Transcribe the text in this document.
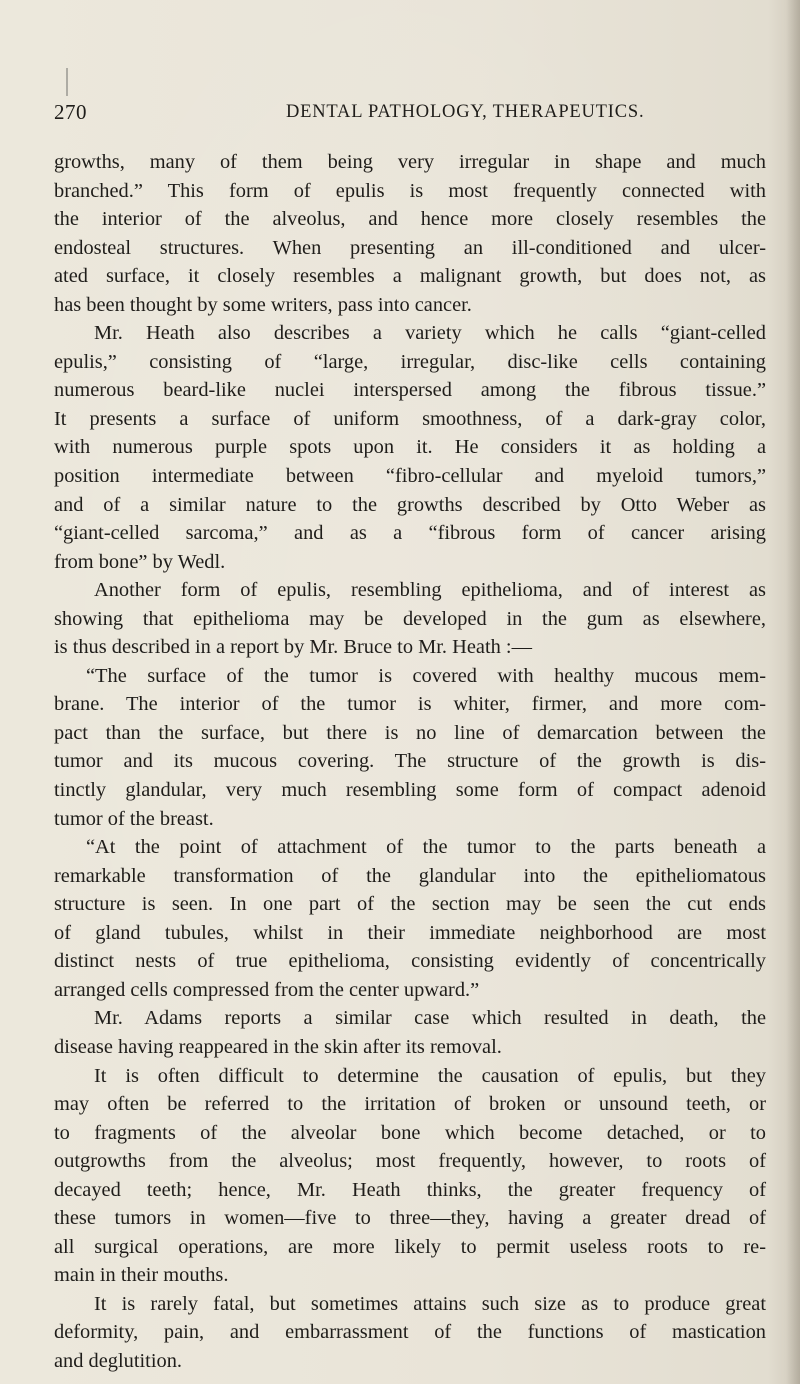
270	DENTAL PATHOLOGY, THERAPEUTICS.
growths, many of them being very irregular in shape and much
branched.” This form of epulis is most frequently connected with
the interior of the alveolus, and hence more closely resembles the
endosteal structures. When presenting an ill-conditioned and ulcer-
ated surface, it closely resembles a malignant growth, but does not, as
has been thought by some writers, pass into cancer.
Mr. Heath also describes a variety which he calls “giant-celled
epulis,” consisting of “large, irregular, disc-like cells containing
numerous beard-like nuclei interspersed among the fibrous tissue.”
It presents a surface of uniform smoothness, of a dark-gray color,
with numerous purple spots upon it. He considers it as holding a
position intermediate between “fibro-cellular and myeloid tumors,”
and of a similar nature to the growths described by Otto Weber as
“giant-celled sarcoma,” and as a “fibrous form of cancer arising
from bone” by Wedl.
Another form of epulis, resembling epithelioma, and of interest as
showing that epithelioma may be developed in the gum as elsewhere,
is thus described in a report by Mr. Bruce to Mr. Heath :—
“The surface of the tumor is covered with healthy mucous mem-
brane. The interior of the tumor is whiter, firmer, and more com-
pact than the surface, but there is no line of demarcation between the
tumor and its mucous covering. The structure of the growth is dis-
tinctly glandular, very much resembling some form of compact adenoid
tumor of the breast.
“At the point of attachment of the tumor to the parts beneath a
remarkable transformation of the glandular into the epitheliomatous
structure is seen. In one part of the section may be seen the cut ends
of gland tubules, whilst in their immediate neighborhood are most
distinct nests of true epithelioma, consisting evidently of concentrically
arranged cells compressed from the center upward.”
Mr. Adams reports a similar case which resulted in death, the
disease having reappeared in the skin after its removal.
It is often difficult to determine the causation of epulis, but they
may often be referred to the irritation of broken or unsound teeth, or
to fragments of the alveolar bone which become detached, or to
outgrowths from the alveolus; most frequently, however, to roots of
decayed teeth; hence, Mr. Heath thinks, the greater frequency of
these tumors in women—five to three—they, having a greater dread of
all surgical operations, are more likely to permit useless roots to re-
main in their mouths.
It is rarely fatal, but sometimes attains such size as to produce great
deformity, pain, and embarrassment of the functions of mastication
and deglutition.
